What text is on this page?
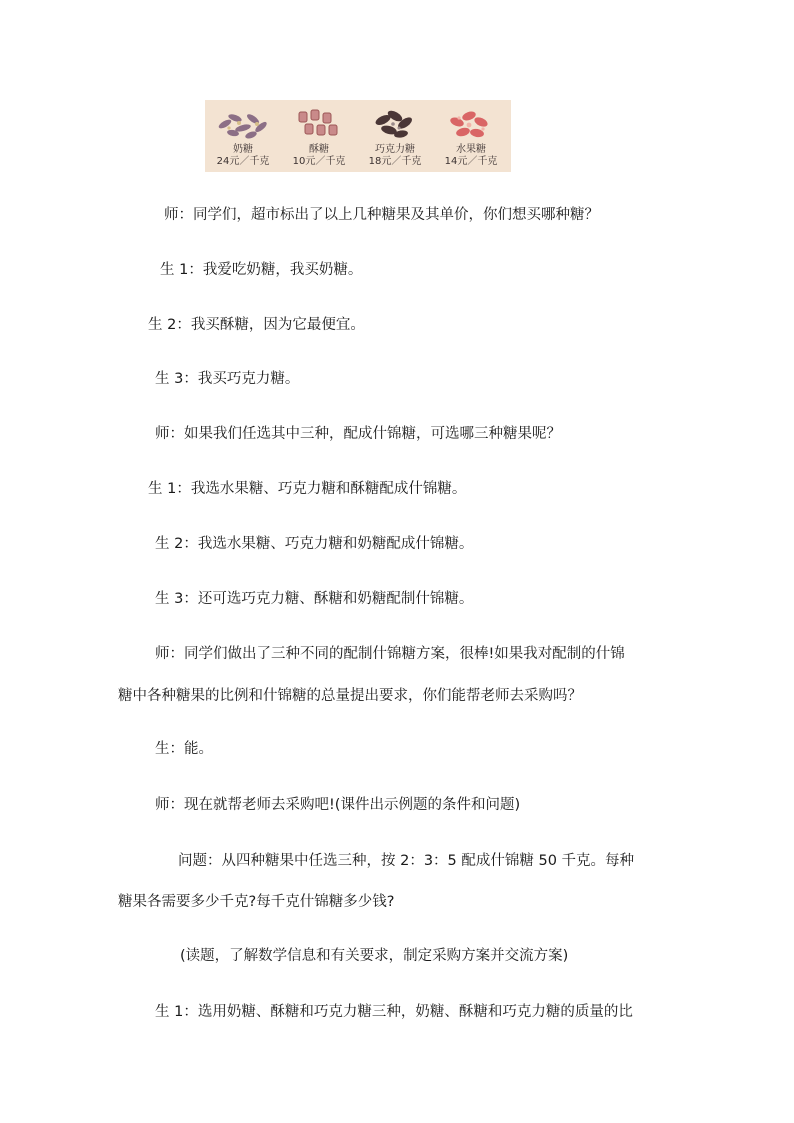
奶糖
24元／千克
酥糖
10元／千克
巧克力糖
18元／千克
水果糖
14元／千克
师：同学们，超市标出了以上几种糖果及其单价，你们想买哪种糖？
生 1：我爱吃奶糖，我买奶糖。
生 2：我买酥糖，因为它最便宜。
生 3：我买巧克力糖。
师：如果我们任选其中三种，配成什锦糖，可选哪三种糖果呢？
生 1：我选水果糖、巧克力糖和酥糖配成什锦糖。
生 2：我选水果糖、巧克力糖和奶糖配成什锦糖。
生 3：还可选巧克力糖、酥糖和奶糖配制什锦糖。
师：同学们做出了三种不同的配制什锦糖方案，很棒!如果我对配制的什锦
糖中各种糖果的比例和什锦糖的总量提出要求，你们能帮老师去采购吗？
生：能。
师：现在就帮老师去采购吧!(课件出示例题的条件和问题)
问题：从四种糖果中任选三种，按 2：3：5 配成什锦糖 50 千克。每种
糖果各需要多少千克?每千克什锦糖多少钱?
(读题，了解数学信息和有关要求，制定采购方案并交流方案)
生 1：选用奶糖、酥糖和巧克力糖三种，奶糖、酥糖和巧克力糖的质量的比
